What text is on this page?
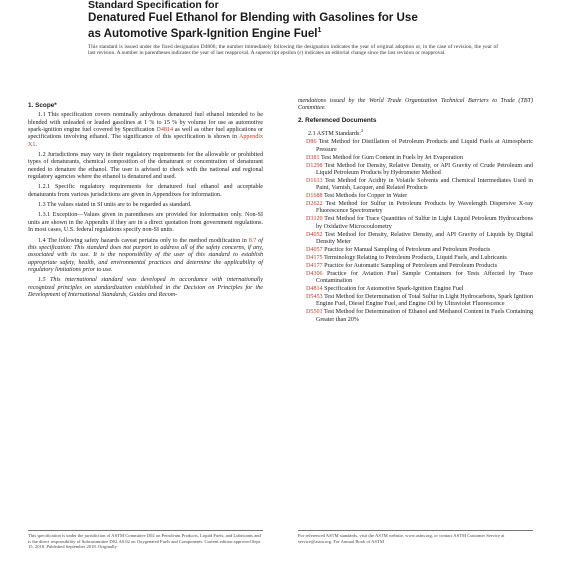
Standard Specification for
Denatured Fuel Ethanol for Blending with Gasolines for Use
as Automotive Spark-Ignition Engine Fuel$^1$
This standard is issued under the fixed designation D4806; the number immediately following the designation indicates the year of original adoption or, in the case of revision, the year of last revision. A number in parentheses indicates the year of last reapproval. A superscript epsilon (ε) indicates an editorial change since the last revision or reapproval.
1. Scope*

1.1 This specification covers nominally anhydrous denatured fuel ethanol intended to be blended with unleaded or leaded gasolines at 1 % to 15 % by volume for use as automotive spark-ignition engine fuel covered by Specification D4814 as well as other fuel applications or specifications involving ethanol. The significance of this specification is shown in Appendix X1.

1.2 Jurisdictions may vary in their regulatory requirements for the allowable or prohibited types of denaturants, chemical composition of the denaturant or concentration of denaturant needed to denature the ethanol. The user is advised to check with the national and regional regulatory agencies where the ethanol is denatured and used.

1.2.1 Specific regulatory requirements for denatured fuel ethanol and acceptable denaturants from various jurisdictions are given in Appendixes for information.

1.3 The values stated in SI units are to be regarded as standard.

1.3.1 Exception—Values given in parentheses are provided for information only. Non-SI units are shown in the Appendix if they are in a direct quotation from government regulations. In most cases, U.S. federal regulations specify non-SI units.

1.4 The following safety hazards caveat pertains only to the method modification in 8.7 of this specification: This standard does not purport to address all of the safety concerns, if any, associated with its use. It is the responsibility of the user of this standard to establish appropriate safety, health, and environmental practices and determine the applicability of regulatory limitations prior to use.

1.5 This international standard was developed in accordance with internationally recognized principles on standardization established in the Decision on Principles for the Development of International Standards, Guides and Recom-

mendations issued by the World Trade Organization Technical Barriers to Trade (TBT) Committee.

2. Referenced Documents

2.1 ASTM Standards:$^2$

D86 Test Method for Distillation of Petroleum Products and Liquid Fuels at Atmospheric Pressure

D381 Test Method for Gum Content in Fuels by Jet Evaporation

D1298 Test Method for Density, Relative Density, or API Gravity of Crude Petroleum and Liquid Petroleum Products by Hydrometer Method

D1613 Test Method for Acidity in Volatile Solvents and Chemical Intermediates Used in Paint, Varnish, Lacquer, and Related Products

D1688 Test Methods for Copper in Water

D2622 Test Method for Sulfur in Petroleum Products by Wavelength Dispersive X-ray Fluorescence Spectrometry

D3120 Test Method for Trace Quantities of Sulfur in Light Liquid Petroleum Hydrocarbons by Oxidative Microcoulometry

D4052 Test Method for Density, Relative Density, and API Gravity of Liquids by Digital Density Meter

D4057 Practice for Manual Sampling of Petroleum and Petroleum Products

D4175 Terminology Relating to Petroleum Products, Liquid Fuels, and Lubricants

D4177 Practice for Automatic Sampling of Petroleum and Petroleum Products

D4306 Practice for Aviation Fuel Sample Containers for Tests Affected by Trace Contamination

D4814 Specification for Automotive Spark-Ignition Engine Fuel

D5453 Test Method for Determination of Total Sulfur in Light Hydrocarbons, Spark Ignition Engine Fuel, Diesel Engine Fuel, and Engine Oil by Ultraviolet Fluorescence

D5501 Test Method for Determination of Ethanol and Methanol Content in Fuels Containing Greater than 20%

This specification is under the jurisdiction of ASTM Committee D02 on Petroleum Products, Liquid Fuels, and Lubricants and is the direct responsibility of Subcommittee D02.A0.02 on Oxygenated Fuels and Components. Current edition approved Sept. 15, 2018. Published September 2018. Originally
For referenced ASTM standards, visit the ASTM website, www.astm.org, or contact ASTM Customer Service at service@astm.org. For Annual Book of ASTM
